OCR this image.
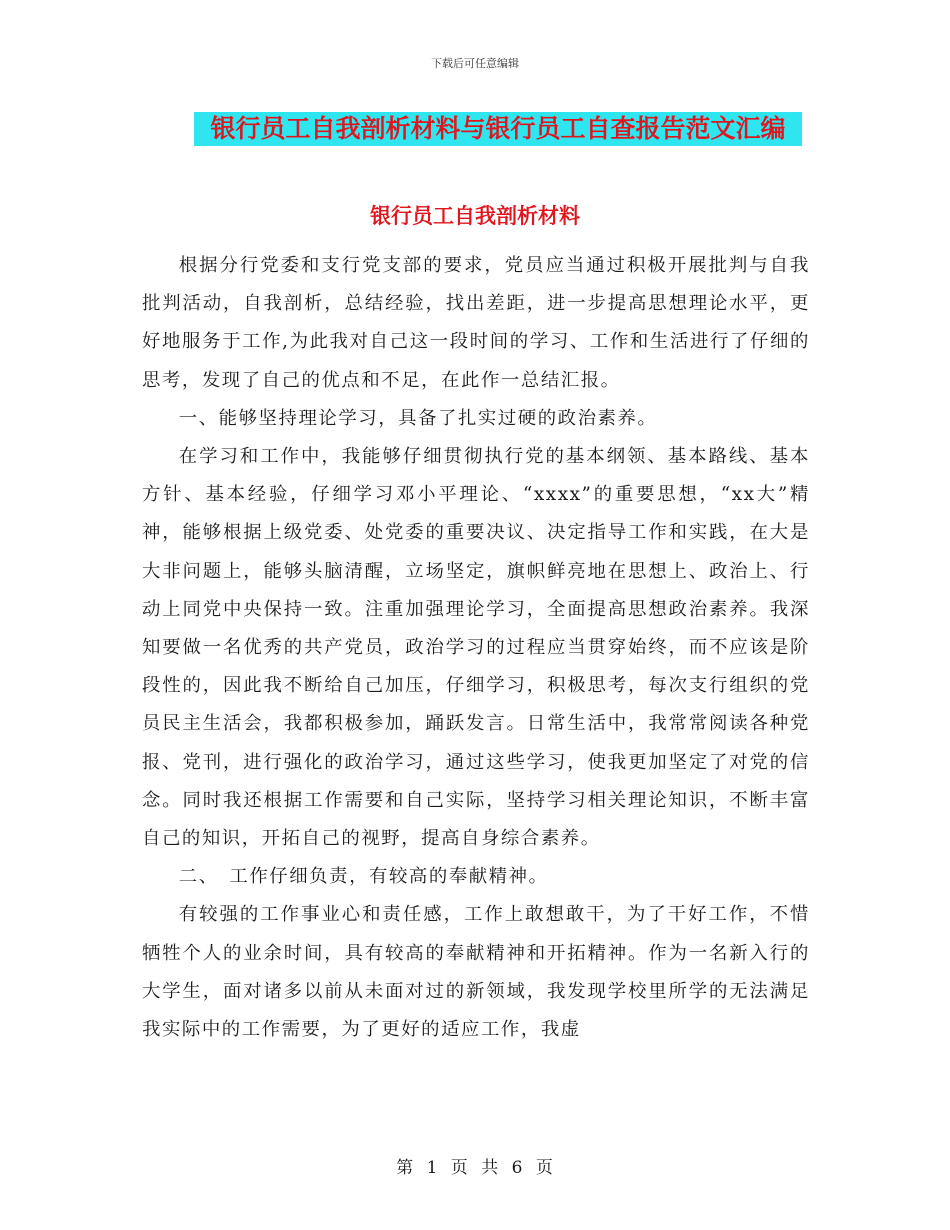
下载后可任意编辑
银行员工自我剖析材料与银行员工自查报告范文汇编
银行员工自我剖析材料

根据分行党委和支行党支部的要求，党员应当通过积极开展批判与自我批判活动，自我剖析，总结经验，找出差距，进一步提高思想理论水平，更好地服务于工作,为此我对自己这一段时间的学习、工作和生活进行了仔细的思考，发现了自己的优点和不足，在此作一总结汇报。

一、能够坚持理论学习，具备了扎实过硬的政治素养。

在学习和工作中，我能够仔细贯彻执行党的基本纲领、基本路线、基本方针、基本经验，仔细学习邓小平理论、“xxxx”的重要思想，“xx大”精神，能够根据上级党委、处党委的重要决议、决定指导工作和实践，在大是大非问题上，能够头脑清醒，立场坚定，旗帜鲜亮地在思想上、政治上、行动上同党中央保持一致。注重加强理论学习，全面提高思想政治素养。我深知要做一名优秀的共产党员，政治学习的过程应当贯穿始终，而不应该是阶段性的，因此我不断给自己加压，仔细学习，积极思考，每次支行组织的党员民主生活会，我都积极参加，踊跃发言。日常生活中，我常常阅读各种党报、党刊，进行强化的政治学习，通过这些学习，使我更加坚定了对党的信念。同时我还根据工作需要和自己实际，坚持学习相关理论知识，不断丰富自己的知识，开拓自己的视野，提高自身综合素养。

二、　工作仔细负责，有较高的奉献精神。

有较强的工作事业心和责任感，工作上敢想敢干，为了干好工作，不惜牺牲个人的业余时间，具有较高的奉献精神和开拓精神。作为一名新入行的大学生，面对诸多以前从未面对过的新领域，我发现学校里所学的无法满足我实际中的工作需要，为了更好的适应工作，我虚

第 1 页 共 6 页
